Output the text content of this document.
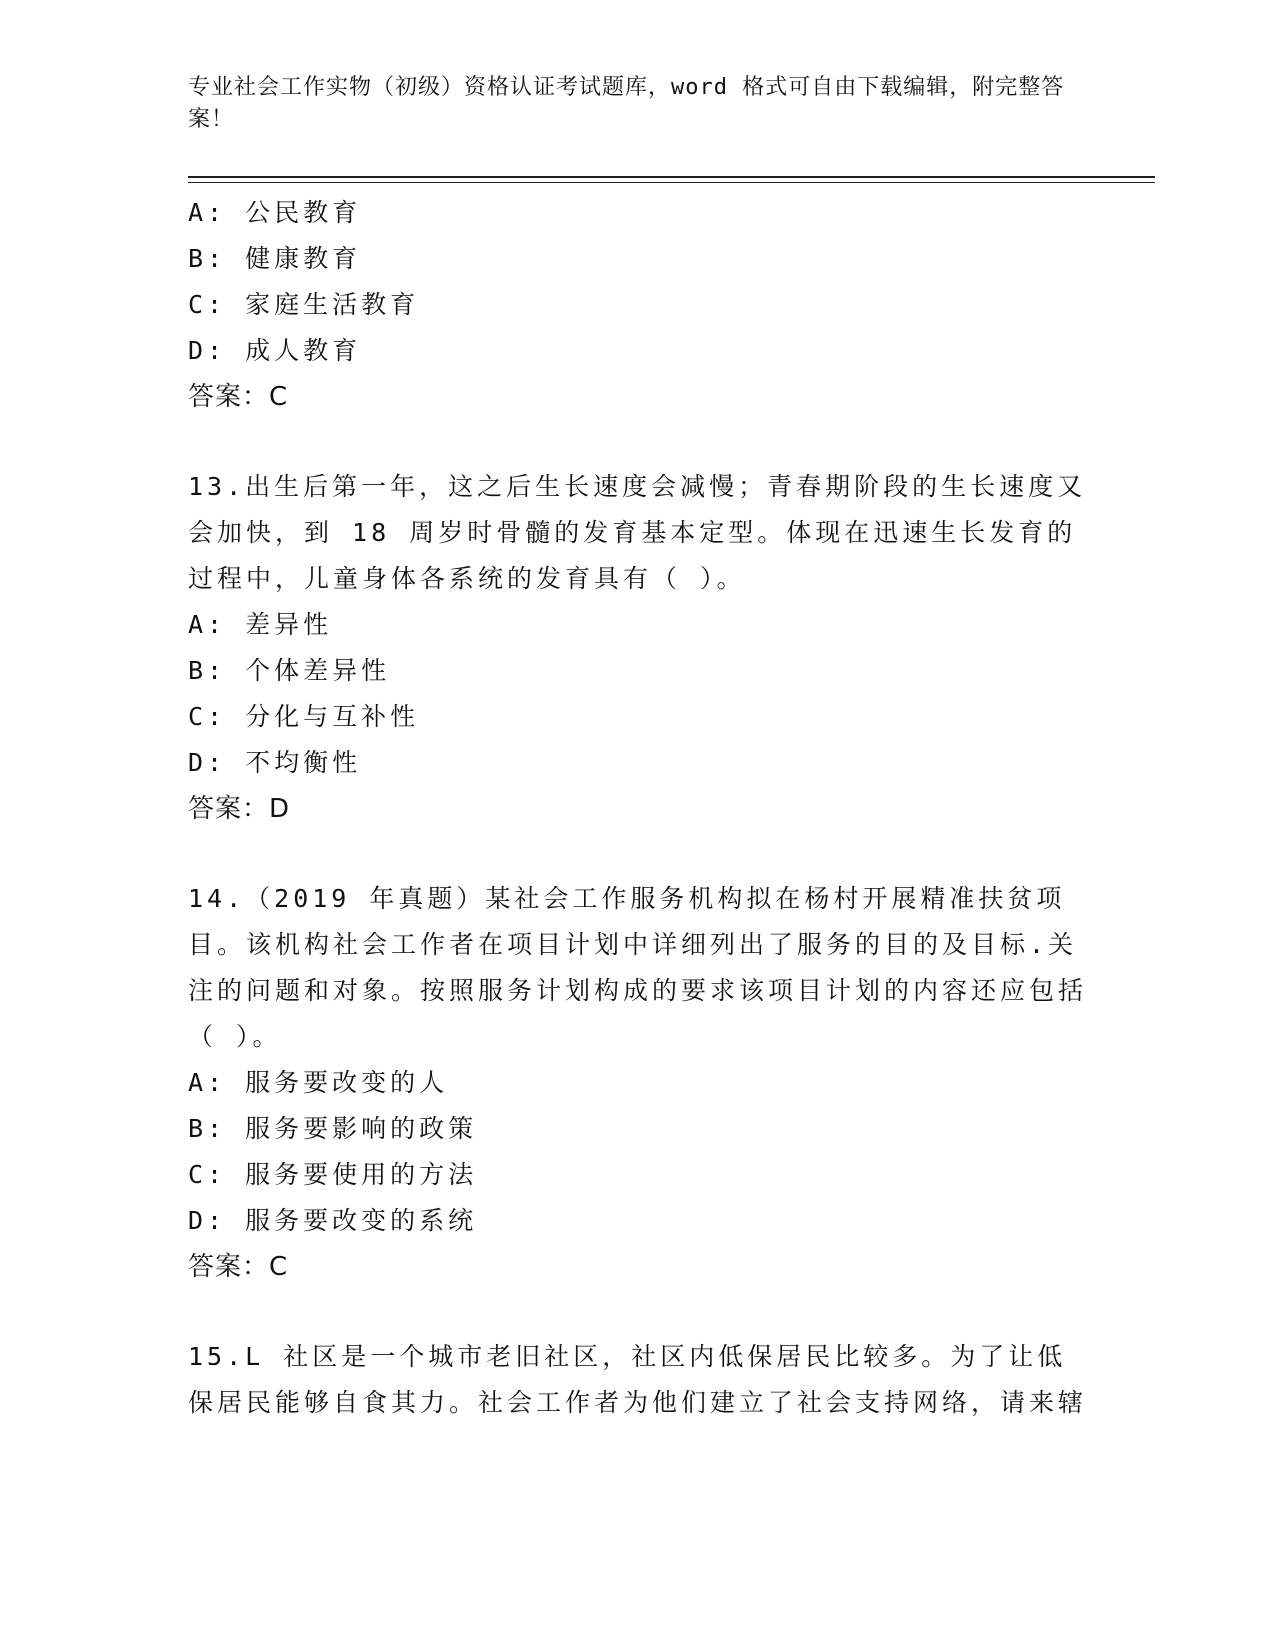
专业社会工作实物（初级）资格认证考试题库，word 格式可自由下载编辑，附完整答案！
A: 公民教育
B: 健康教育
C: 家庭生活教育
D: 成人教育
答案：C
13.出生后第一年，这之后生长速度会减慢；青春期阶段的生长速度又会加快，到 18 周岁时骨髓的发育基本定型。体现在迅速生长发育的过程中，儿童身体各系统的发育具有（ ）。
A: 差异性
B: 个体差异性
C: 分化与互补性
D: 不均衡性
答案：D
14.（2019 年真题）某社会工作服务机构拟在杨村开展精准扶贫项目。该机构社会工作者在项目计划中详细列出了服务的目的及目标.关注的问题和对象。按照服务计划构成的要求该项目计划的内容还应包括（ ）。
A: 服务要改变的人
B: 服务要影响的政策
C: 服务要使用的方法
D: 服务要改变的系统
答案：C
15.L 社区是一个城市老旧社区，社区内低保居民比较多。为了让低保居民能够自食其力。社会工作者为他们建立了社会支持网络，请来辖
